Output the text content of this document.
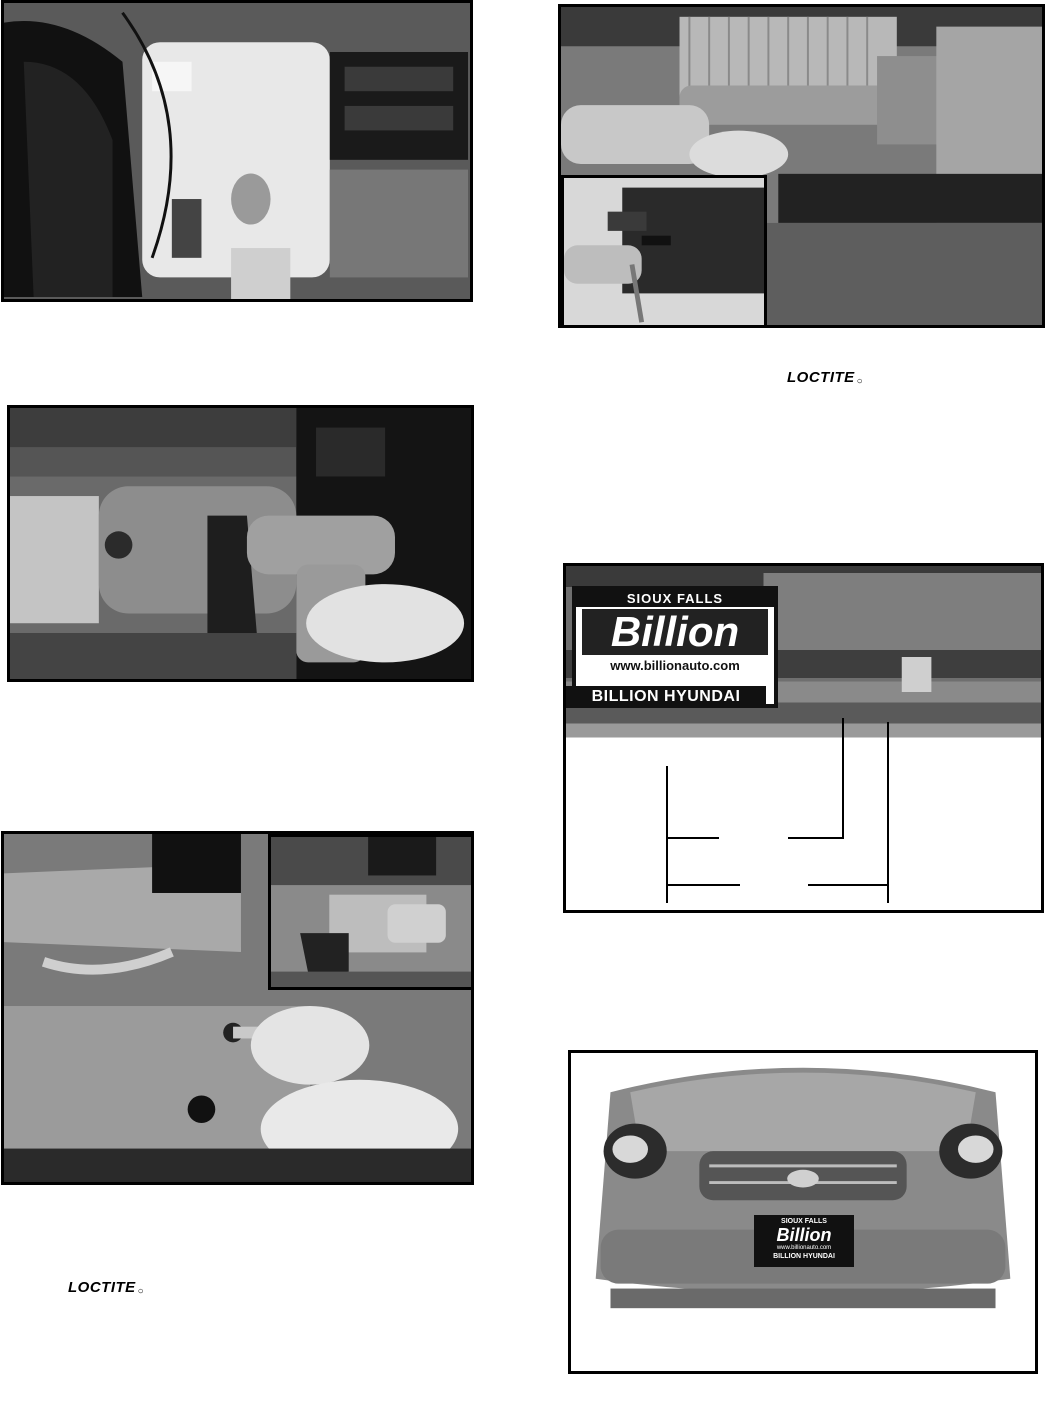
SIOUX FALLS
Billion
www.billionauto.com
BILLION HYUNDAI
SIOUX FALLS
Billion
www.billionauto.com
BILLION HYUNDAI
LOCTITE ○
LOCTITE ○
